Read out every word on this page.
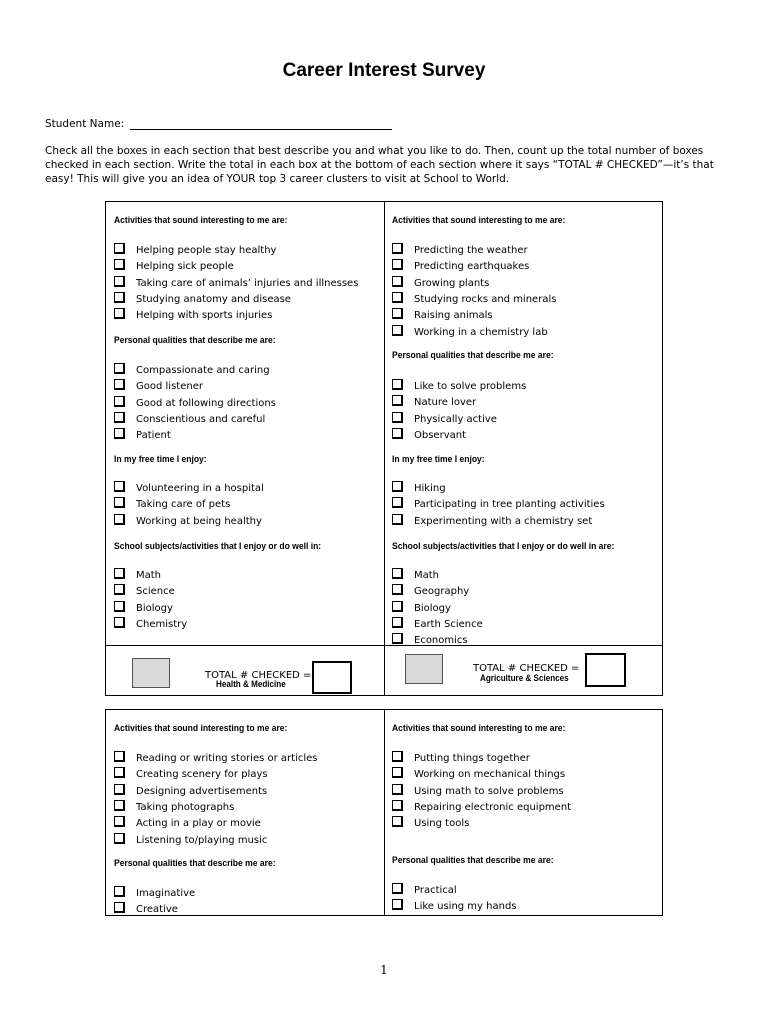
Career Interest Survey
Student Name:
Check all the boxes in each section that best describe you and what you like to do. Then, count up the total number of boxes checked in each section. Write the total in each box at the bottom of each section where it says “TOTAL # CHECKED”—it’s that easy! This will give you an idea of YOUR top 3 career clusters to visit at School to World.
Activities that sound interesting to me are:
Helping people stay healthy
Helping sick people
Taking care of animals’ injuries and illnesses
Studying anatomy and disease
Helping with sports injuries
Personal qualities that describe me are:
Compassionate and caring
Good listener
Good at following directions
Conscientious and careful
Patient
In my free time I enjoy:
Volunteering in a hospital
Taking care of pets
Working at being healthy
School subjects/activities that I enjoy or do well in:
Math
Science
Biology
Chemistry
Activities that sound interesting to me are:
Predicting the weather
Predicting earthquakes
Growing plants
Studying rocks and minerals
Raising animals
Working in a chemistry lab
Personal qualities that describe me are:
Like to solve problems
Nature lover
Physically active
Observant
In my free time I enjoy:
Hiking
Participating in tree planting activities
Experimenting with a chemistry set
School subjects/activities that I enjoy or do well in are:
Math
Geography
Biology
Earth Science
Economics
TOTAL # CHECKED =
Health & Medicine
TOTAL # CHECKED =
Agriculture & Sciences
Activities that sound interesting to me are:
Reading or writing stories or articles
Creating scenery for plays
Designing advertisements
Taking photographs
Acting in a play or movie
Listening to/playing music
Personal qualities that describe me are:
Imaginative
Creative
Activities that sound interesting to me are:
Putting things together
Working on mechanical things
Using math to solve problems
Repairing electronic equipment
Using tools
Personal qualities that describe me are:
Practical
Like using my hands
1
